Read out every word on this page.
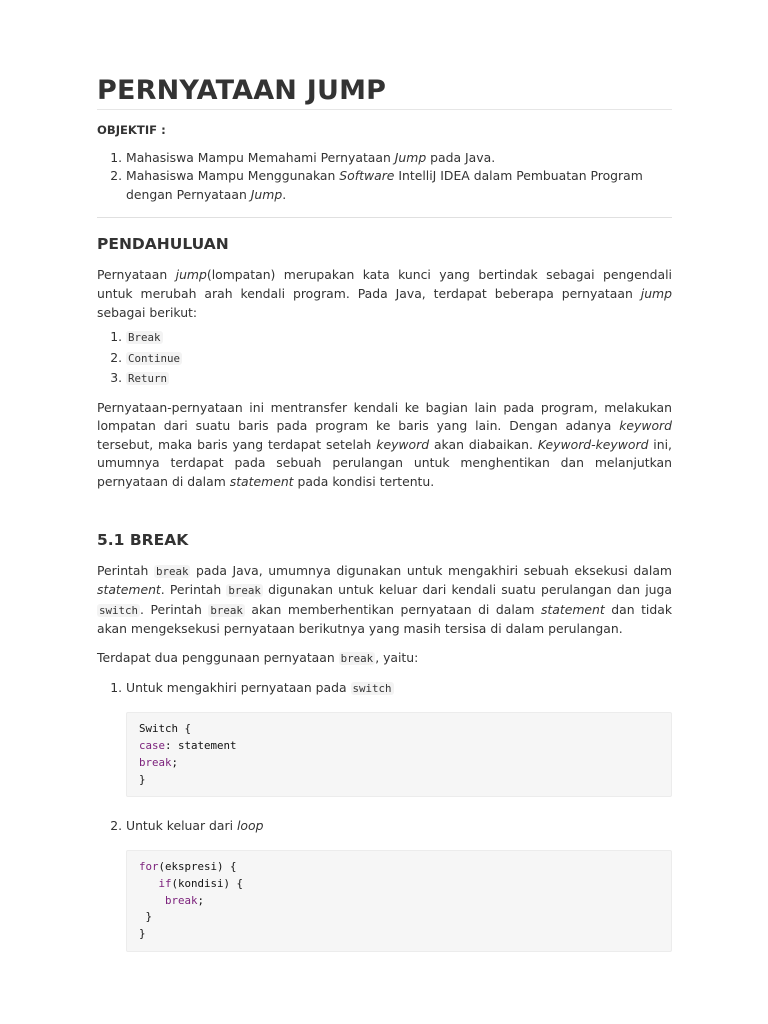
PERNYATAAN JUMP
OBJEKTIF :
1. Mahasiswa Mampu Memahami Pernyataan Jump pada Java.
2. Mahasiswa Mampu Menggunakan Software IntelliJ IDEA dalam Pembuatan Program dengan Pernyataan Jump.
PENDAHULUAN

Pernyataan jump(lompatan) merupakan kata kunci yang bertindak sebagai pengendali untuk merubah arah kendali program. Pada Java, terdapat beberapa pernyataan jump sebagai berikut:

1. Break
2. Continue
3. Return

Pernyataan-pernyataan ini mentransfer kendali ke bagian lain pada program, melakukan lompatan dari suatu baris pada program ke baris yang lain. Dengan adanya keyword tersebut, maka baris yang terdapat setelah keyword akan diabaikan. Keyword-keyword ini, umumnya terdapat pada sebuah perulangan untuk menghentikan dan melanjutkan pernyataan di dalam statement pada kondisi tertentu.

5.1 BREAK

Perintah break pada Java, umumnya digunakan untuk mengakhiri sebuah eksekusi dalam statement. Perintah break digunakan untuk keluar dari kendali suatu perulangan dan juga switch . Perintah break akan memberhentikan pernyataan di dalam statement dan tidak akan mengeksekusi pernyataan berikutnya yang masih tersisa di dalam perulangan.

Terdapat dua penggunaan pernyataan break , yaitu:

1. Untuk mengakhiri pernyataan pada switch
Switch {
case: statement
break;
}
2. Untuk keluar dari loop
for(ekspresi) {
if(kondisi) {
break;
}
}
